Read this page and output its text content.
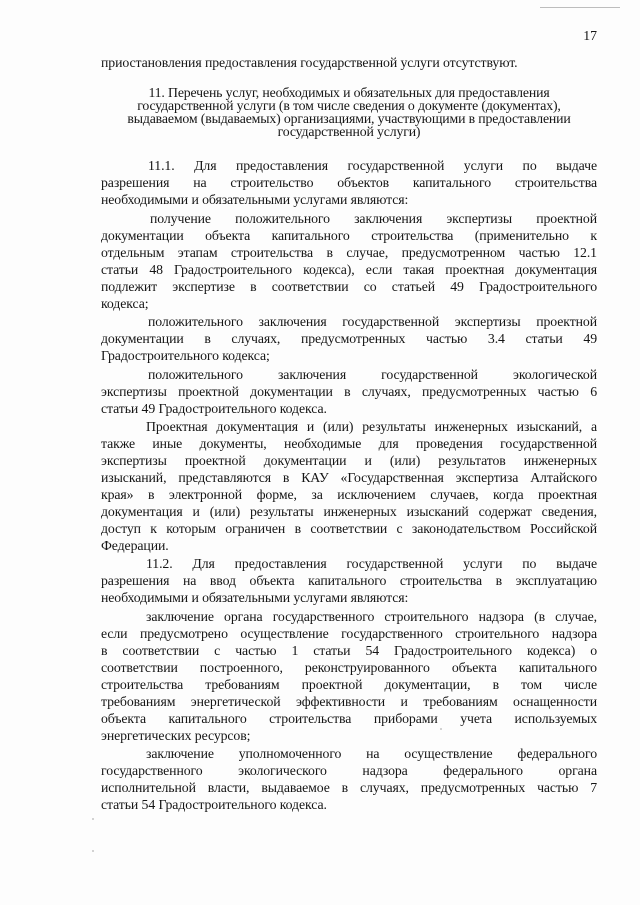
17

приостановления предоставления государственной услуги отсутствуют.

11. Перечень услуг, необходимых и обязательных для предоставления

государственной услуги (в том числе сведения о документе (документах),

выдаваемом (выдаваемых) организациями, участвующими в предоставлении

государственной услуги)

11.1. Для предоставления государственной услуги по выдаче

разрешения на строительство объектов капитального строительства

необходимыми и обязательными услугами являются:

получение положительного заключения экспертизы проектной

документации объекта капитального строительства (применительно к

отдельным этапам строительства в случае, предусмотренном частью 12.1

статьи 48 Градостроительного кодекса), если такая проектная документация

подлежит экспертизе в соответствии со статьей 49 Градостроительного

кодекса;

положительного заключения государственной экспертизы проектной

документации в случаях, предусмотренных частью 3.4 статьи 49

Градостроительного кодекса;

положительного заключения государственной экологической

экспертизы проектной документации в случаях, предусмотренных частью 6

статьи 49 Градостроительного кодекса.

Проектная документация и (или) результаты инженерных изысканий, а

также иные документы, необходимые для проведения государственной

экспертизы проектной документации и (или) результатов инженерных

изысканий, представляются в КАУ «Государственная экспертиза Алтайского

края» в электронной форме, за исключением случаев, когда проектная

документация и (или) результаты инженерных изысканий содержат сведения,

доступ к которым ограничен в соответствии с законодательством Российской

Федерации.

11.2. Для предоставления государственной услуги по выдаче

разрешения на ввод объекта капитального строительства в эксплуатацию

необходимыми и обязательными услугами являются:

заключение органа государственного строительного надзора (в случае,

если предусмотрено осуществление государственного строительного надзора

в соответствии с частью 1 статьи 54 Градостроительного кодекса) о

соответствии построенного, реконструированного объекта капитального

строительства требованиям проектной документации, в том числе

требованиям энергетической эффективности и требованиям оснащенности

объекта капитального строительства приборами учета используемых

энергетических ресурсов;

заключение уполномоченного на осуществление федерального

государственного экологического надзора федерального органа

исполнительной власти, выдаваемое в случаях, предусмотренных частью 7

статьи 54 Градостроительного кодекса.
